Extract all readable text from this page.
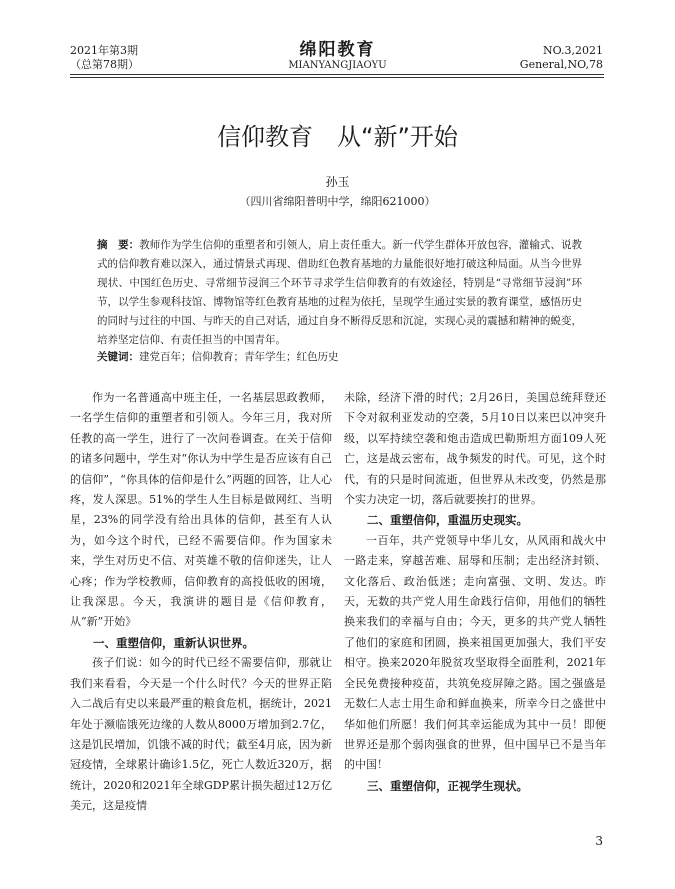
2021年第3期
（总第78期）
绵阳教育
MIANYANGJIAOYU
NO.3,2021
General,NO,78
信仰教育　从“新”开始
孙玉
（四川省绵阳普明中学，绵阳621000）
摘　要：教师作为学生信仰的重塑者和引领人，肩上责任重大。新一代学生群体开放包容，灌输式、说教式的信仰教育难以深入，通过情景式再现、借助红色教育基地的力量能很好地打破这种局面。从当今世界现状、中国红色历史、寻常细节浸润三个环节寻求学生信仰教育的有效途径，特别是“寻常细节浸润”环节，以学生参观科技馆、博物馆等红色教育基地的过程为依托，呈现学生通过实景的教育课堂，感悟历史的同时与过往的中国、与昨天的自己对话，通过自身不断得反思和沉淀，实现心灵的震撼和精神的蜕变，培养坚定信仰、有责任担当的中国青年。
关键词：建党百年；信仰教育；青年学生；红色历史

作为一名普通高中班主任，一名基层思政教师，一名学生信仰的重塑者和引领人。今年三月，我对所任教的高一学生，进行了一次问卷调查。在关于信仰的诸多问题中，学生对“你认为中学生是否应该有自己的信仰”，“你具体的信仰是什么”两题的回答，让人心疼，发人深思。51%的学生人生目标是做网红、当明星，23%的同学没有给出具体的信仰，甚至有人认为，如今这个时代，已经不需要信仰。作为国家未来，学生对历史不信、对英雄不敬的信仰迷失，让人心疼；作为学校教师，信仰教育的高投低收的困境，让我深思。今天，我演讲的题目是《信仰教育，从“新”开始》

一、重塑信仰，重新认识世界。

孩子们说：如今的时代已经不需要信仰，那就让我们来看看，今天是一个什么时代？今天的世界正陷入二战后有史以来最严重的粮食危机，据统计，2021年处于濒临饿死边缘的人数从8000万增加到2.7亿，这是饥民增加，饥饿不减的时代；截至4月底，因为新冠疫情，全球累计确诊1.5亿，死亡人数近320万，据统计，2020和2021年全球GDP累计损失超过12万亿美元，这是疫情

未除，经济下滑的时代；2月26日，美国总统拜登还下令对叙利亚发动的空袭，5月10日以来巴以冲突升级，以军持续空袭和炮击造成巴勒斯坦方面109人死亡，这是战云密布，战争频发的时代。可见，这个时代，有的只是时间流逝，但世界从未改变，仍然是那个实力决定一切，落后就要挨打的世界。

二、重塑信仰，重温历史现实。

一百年，共产党领导中华儿女，从风雨和战火中一路走来，穿越苦难、屈辱和压制；走出经济封锁、文化落后、政治低迷；走向富强、文明、发达。昨天，无数的共产党人用生命践行信仰，用他们的牺牲换来我们的幸福与自由；今天，更多的共产党人牺牲了他们的家庭和团圆，换来祖国更加强大，我们平安相守。换来2020年脱贫攻坚取得全面胜利，2021年全民免费接种疫苗，共筑免疫屏障之路。国之强盛是无数仁人志士用生命和鲜血换来，所幸今日之盛世中华如他们所愿！我们何其幸运能成为其中一员！即便世界还是那个弱肉强食的世界，但中国早已不是当年的中国！

三、重塑信仰，正视学生现状。
3
